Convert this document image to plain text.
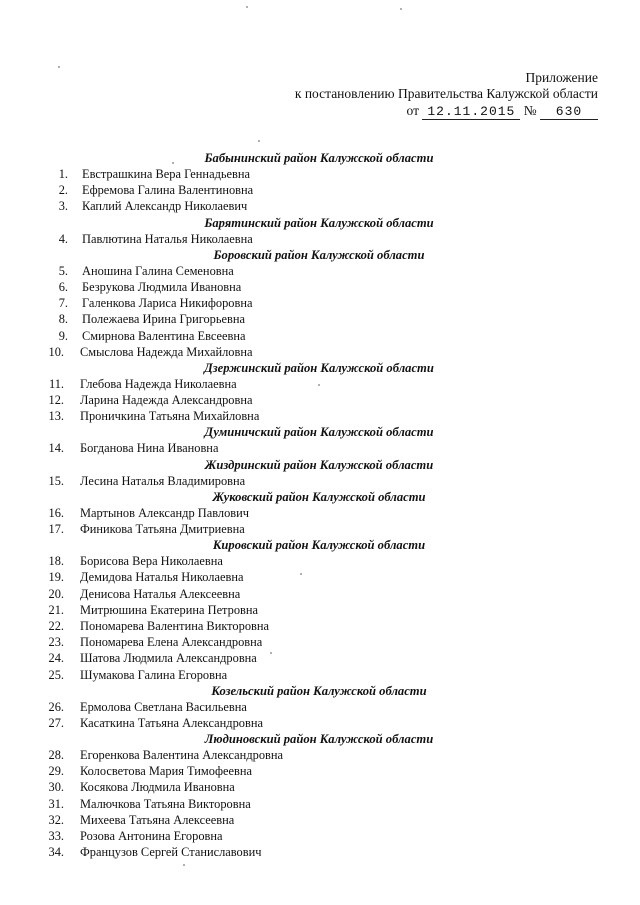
Приложение
к постановлению Правительства Калужской области
от 12.11.2015 № 630
Бабынинский район Калужской области
1. Евстрашкина Вера Геннадьевна
2. Ефремова Галина Валентиновна
3. Каплий Александр Николаевич
Барятинский район Калужской области
4. Павлютина Наталья Николаевна
Боровский район Калужской области
5. Аношина Галина Семеновна
6. Безрукова Людмила Ивановна
7. Галенкова Лариса Никифоровна
8. Полежаева Ирина Григорьевна
9. Смирнова Валентина Евсеевна
10. Смыслова Надежда Михайловна
Дзержинский район Калужской области
11. Глебова Надежда Николаевна
12. Ларина Надежда Александровна
13. Проничкина Татьяна Михайловна
Думиничский район Калужской области
14. Богданова Нина Ивановна
Жиздринский район Калужской области
15. Лесина Наталья Владимировна
Жуковский район Калужской области
16. Мартынов Александр Павлович
17. Финикова Татьяна Дмитриевна
Кировский район Калужской области
18. Борисова Вера Николаевна
19. Демидова Наталья Николаевна
20. Денисова Наталья Алексеевна
21. Митрюшина Екатерина Петровна
22. Пономарева Валентина Викторовна
23. Пономарева Елена Александровна
24. Шатова Людмила Александровна
25. Шумакова Галина Егоровна
Козельский район Калужской области
26. Ермолова Светлана Васильевна
27. Касаткина Татьяна Александровна
Людиновский район Калужской области
28. Егоренкова Валентина Александровна
29. Колосветова Мария Тимофеевна
30. Косякова Людмила Ивановна
31. Малючкова Татьяна Викторовна
32. Михеева Татьяна Алексеевна
33. Розова Антонина Егоровна
34. Французов Сергей Станиславович
